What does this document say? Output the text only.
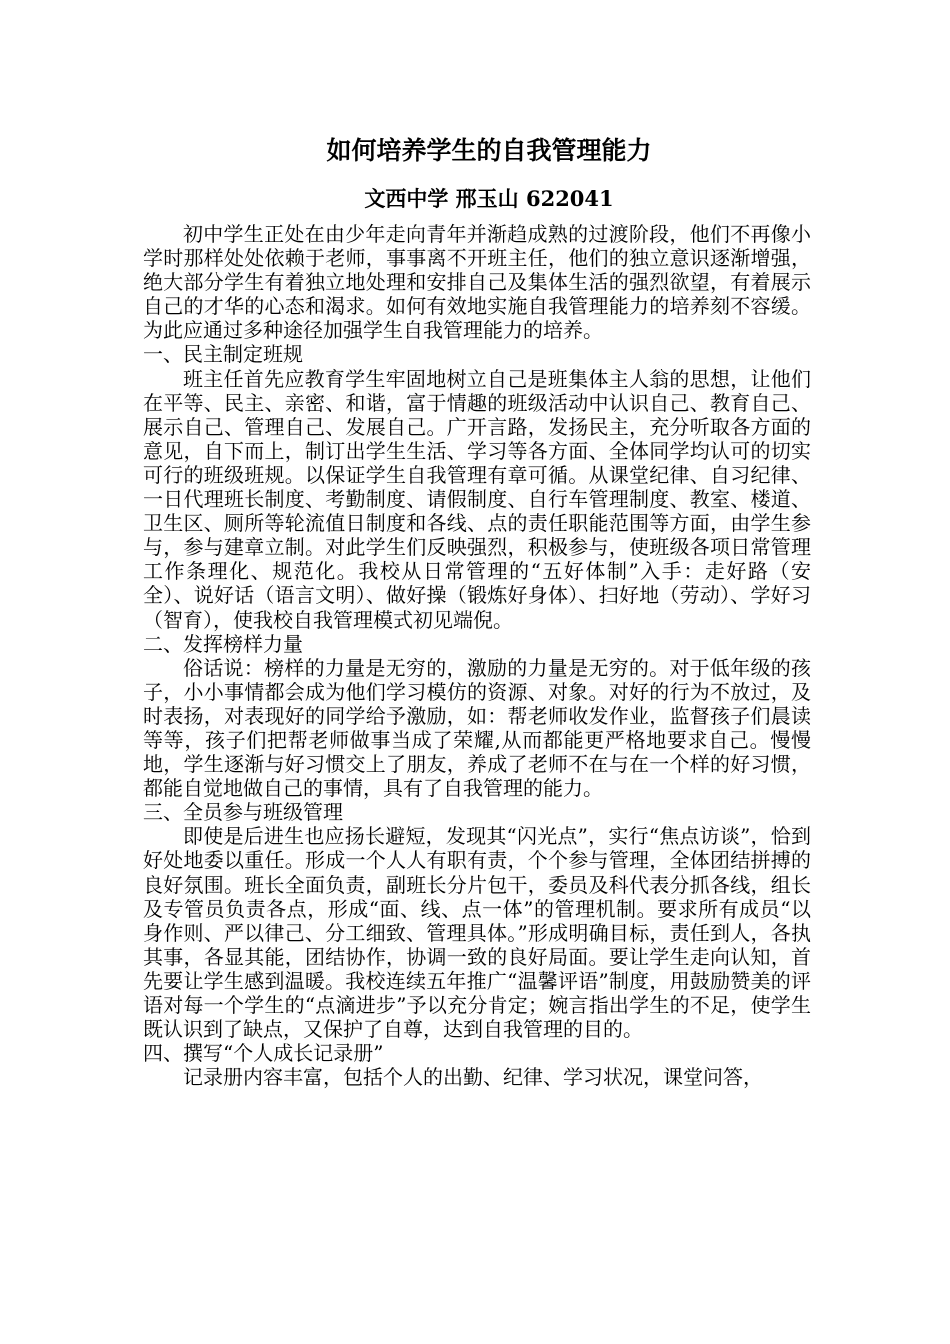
如何培养学生的自我管理能力
文西中学 邢玉山 622041

初中学生正处在由少年走向青年并渐趋成熟的过渡阶段，他们不再像小学时那样处处依赖于老师，事事离不开班主任，他们的独立意识逐渐增强，绝大部分学生有着独立地处理和安排自己及集体生活的强烈欲望，有着展示自己的才华的心态和渴求。如何有效地实施自我管理能力的培养刻不容缓。为此应通过多种途径加强学生自我管理能力的培养。

一、民主制定班规

班主任首先应教育学生牢固地树立自己是班集体主人翁的思想，让他们在平等、民主、亲密、和谐，富于情趣的班级活动中认识自己、教育自己、展示自己、管理自己、发展自己。广开言路，发扬民主，充分听取各方面的意见，自下而上，制订出学生生活、学习等各方面、全体同学均认可的切实可行的班级班规。以保证学生自我管理有章可循。从课堂纪律、自习纪律、一日代理班长制度、考勤制度、请假制度、自行车管理制度、教室、楼道、卫生区、厕所等轮流值日制度和各线、点的责任职能范围等方面，由学生参与，参与建章立制。对此学生们反映强烈，积极参与，使班级各项日常管理工作条理化、规范化。我校从日常管理的“五好体制”入手：走好路（安全）、说好话（语言文明）、做好操（锻炼好身体）、扫好地（劳动）、学好习（智育），使我校自我管理模式初见端倪。

二、发挥榜样力量

俗话说：榜样的力量是无穷的，激励的力量是无穷的。对于低年级的孩子，小小事情都会成为他们学习模仿的资源、对象。对好的行为不放过，及时表扬，对表现好的同学给予激励，如：帮老师收发作业，监督孩子们晨读等等，孩子们把帮老师做事当成了荣耀,从而都能更严格地要求自己。慢慢地，学生逐渐与好习惯交上了朋友，养成了老师不在与在一个样的好习惯，都能自觉地做自己的事情，具有了自我管理的能力。

三、全员参与班级管理

即使是后进生也应扬长避短，发现其“闪光点”，实行“焦点访谈”，恰到好处地委以重任。形成一个人人有职有责，个个参与管理，全体团结拼搏的良好氛围。班长全面负责，副班长分片包干，委员及科代表分抓各线，组长及专管员负责各点，形成“面、线、点一体”的管理机制。要求所有成员“以身作则、严以律己、分工细致、管理具体。”形成明确目标，责任到人，各执其事，各显其能，团结协作，协调一致的良好局面。要让学生走向认知，首先要让学生感到温暖。我校连续五年推广“温馨评语”制度，用鼓励赞美的评语对每一个学生的“点滴进步”予以充分肯定；婉言指出学生的不足，使学生既认识到了缺点，又保护了自尊，达到自我管理的目的。

四、撰写“个人成长记录册”

记录册内容丰富，包括个人的出勤、纪律、学习状况，课堂问答，
